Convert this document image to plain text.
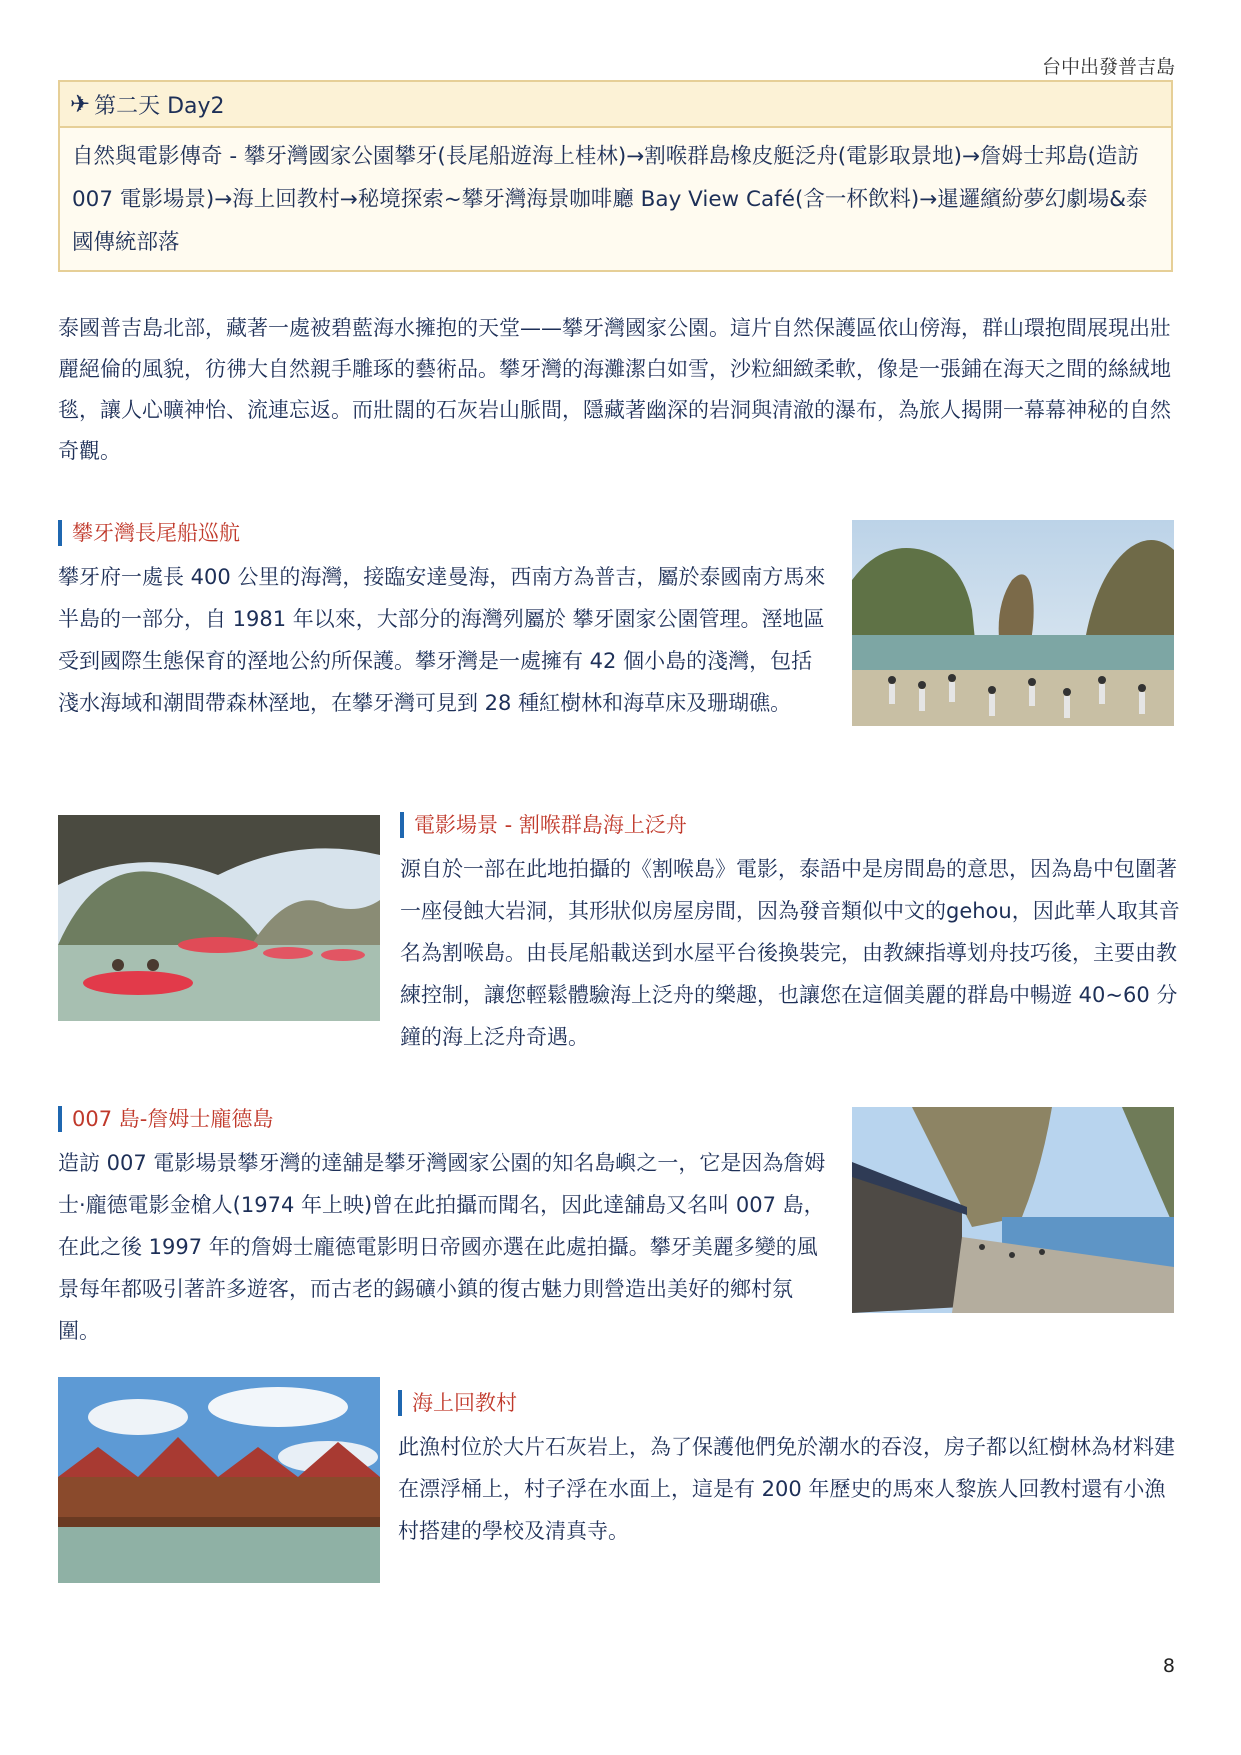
台中出發普吉島
✈ 第二天 Day2
自然與電影傳奇 - 攀牙灣國家公園攀牙(長尾船遊海上桂林)→割喉群島橡皮艇泛舟(電影取景地)→詹姆士邦島(造訪 007 電影場景)→海上回教村→秘境探索~攀牙灣海景咖啡廳 Bay View Café(含一杯飲料)→暹邏繽紛夢幻劇場&泰國傳統部落
泰國普吉島北部，藏著一處被碧藍海水擁抱的天堂——攀牙灣國家公園。這片自然保護區依山傍海，群山環抱間展現出壯麗絕倫的風貌，彷彿大自然親手雕琢的藝術品。攀牙灣的海灘潔白如雪，沙粒細緻柔軟，像是一張鋪在海天之間的絲絨地毯，讓人心曠神怡、流連忘返。而壯闊的石灰岩山脈間，隱藏著幽深的岩洞與清澈的瀑布，為旅人揭開一幕幕神秘的自然奇觀。
攀牙灣長尾船巡航
攀牙府一處長 400 公里的海灣，接臨安達曼海，西南方為普吉，屬於泰國南方馬來半島的一部分，自 1981 年以來，大部分的海灣列屬於 攀牙園家公園管理。溼地區受到國際生態保育的溼地公約所保護。攀牙灣是一處擁有 42 個小島的淺灣，包括淺水海域和潮間帶森林溼地，在攀牙灣可見到 28 種紅樹林和海草床及珊瑚礁。
電影場景 - 割喉群島海上泛舟
源自於一部在此地拍攝的《割喉島》電影，泰語中是房間島的意思，因為島中包圍著一座侵蝕大岩洞，其形狀似房屋房間，因為發音類似中文的gehou，因此華人取其音名為割喉島。由長尾船載送到水屋平台後換裝完，由教練指導划舟技巧後，主要由教練控制，讓您輕鬆體驗海上泛舟的樂趣，也讓您在這個美麗的群島中暢遊 40~60 分鐘的海上泛舟奇遇。
007 島-詹姆士龐德島
造訪 007 電影場景攀牙灣的達舖是攀牙灣國家公園的知名島嶼之一，它是因為詹姆士·龐德電影金槍人(1974 年上映)曾在此拍攝而聞名，因此達舖島又名叫 007 島，在此之後 1997 年的詹姆士龐德電影明日帝國亦選在此處拍攝。攀牙美麗多變的風景每年都吸引著許多遊客，而古老的錫礦小鎮的復古魅力則營造出美好的鄉村氛圍。
海上回教村
此漁村位於大片石灰岩上，為了保護他們免於潮水的吞沒，房子都以紅樹林為材料建在漂浮桶上，村子浮在水面上，這是有 200 年歷史的馬來人黎族人回教村還有小漁村搭建的學校及清真寺。
8
